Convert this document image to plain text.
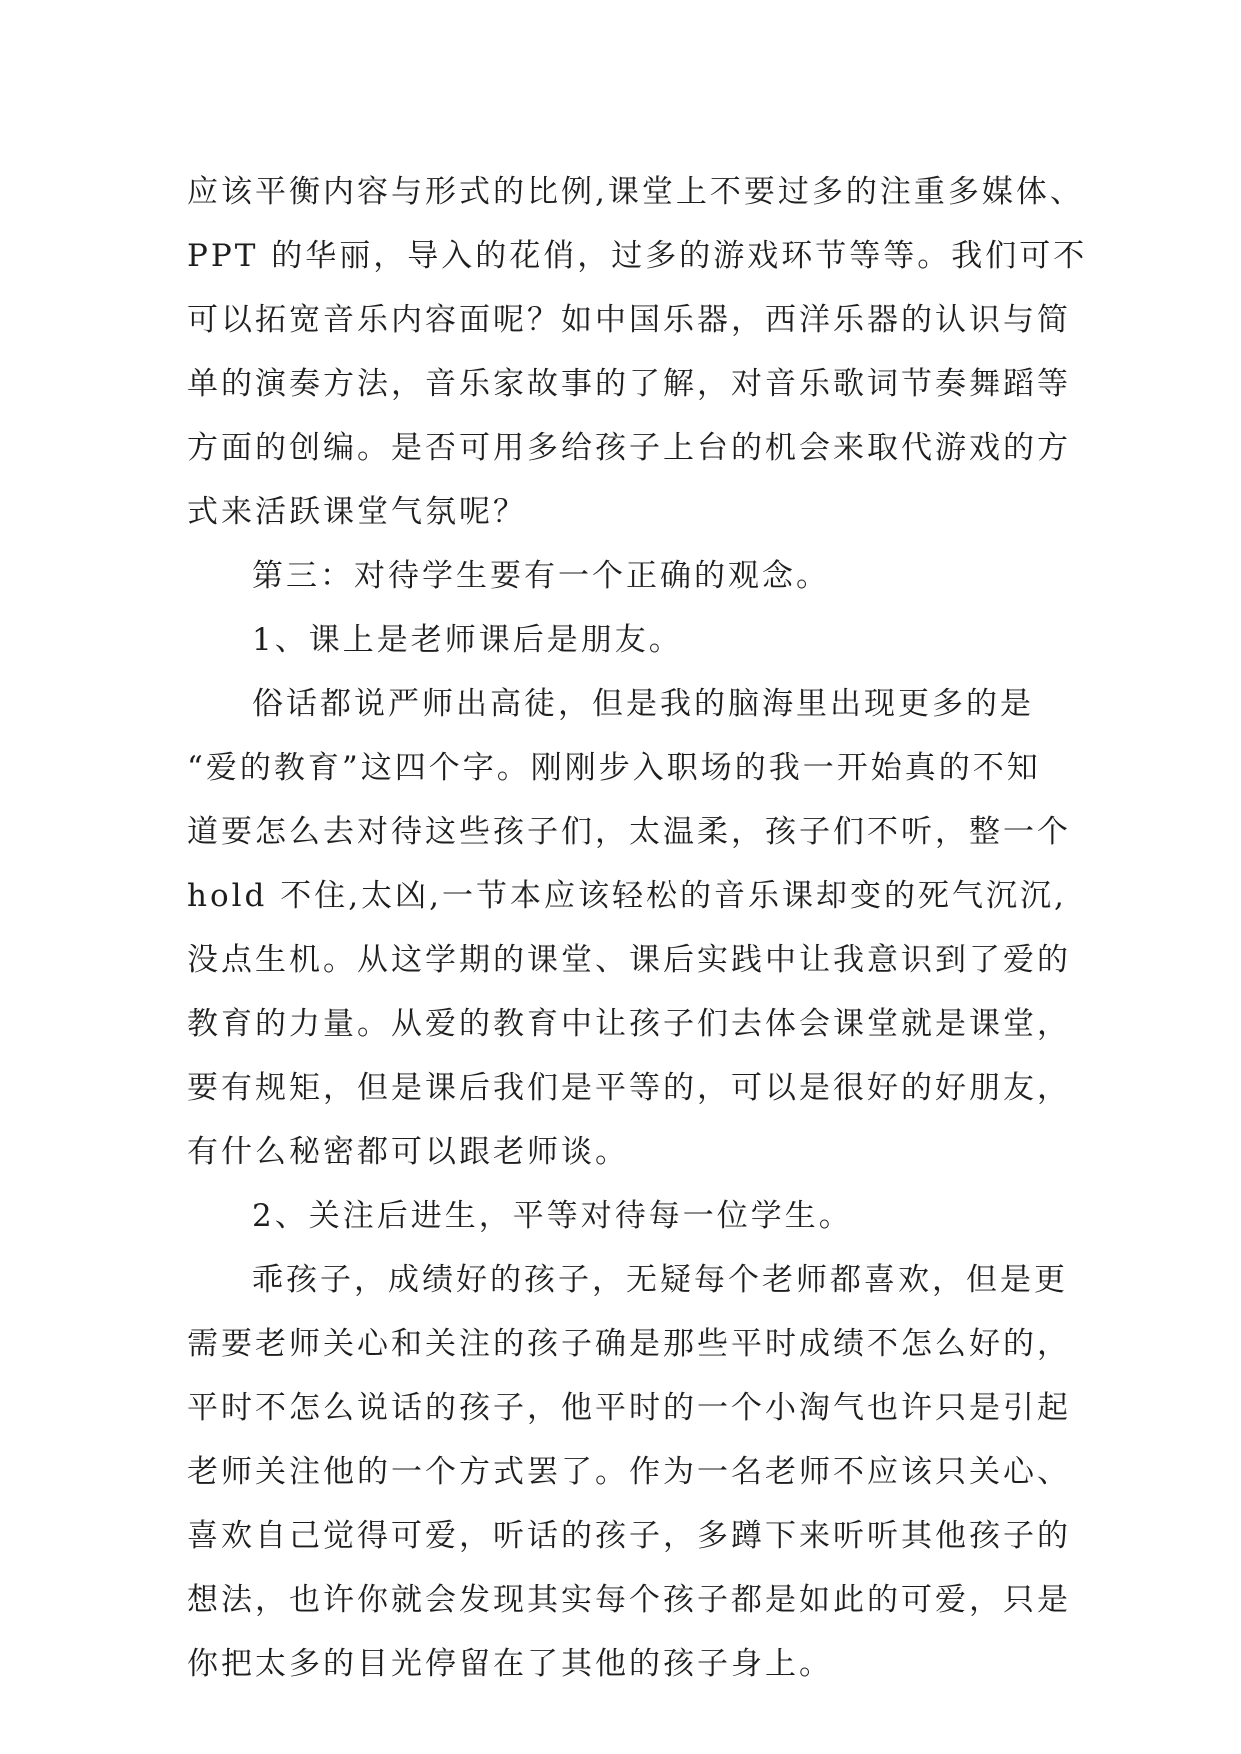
应该平衡内容与形式的比例,课堂上不要过多的注重多媒体、
PPT 的华丽，导入的花俏，过多的游戏环节等等。我们可不
可以拓宽音乐内容面呢？如中国乐器，西洋乐器的认识与简
单的演奏方法，音乐家故事的了解，对音乐歌词节奏舞蹈等
方面的创编。是否可用多给孩子上台的机会来取代游戏的方
式来活跃课堂气氛呢？
第三：对待学生要有一个正确的观念。
1、课上是老师课后是朋友。
俗话都说严师出高徒，但是我的脑海里出现更多的是
“爱的教育”这四个字。刚刚步入职场的我一开始真的不知
道要怎么去对待这些孩子们，太温柔，孩子们不听，整一个
hold 不住,太凶,一节本应该轻松的音乐课却变的死气沉沉,
没点生机。从这学期的课堂、课后实践中让我意识到了爱的
教育的力量。从爱的教育中让孩子们去体会课堂就是课堂，
要有规矩，但是课后我们是平等的，可以是很好的好朋友，
有什么秘密都可以跟老师谈。
2、关注后进生，平等对待每一位学生。
乖孩子，成绩好的孩子，无疑每个老师都喜欢，但是更
需要老师关心和关注的孩子确是那些平时成绩不怎么好的，
平时不怎么说话的孩子，他平时的一个小淘气也许只是引起
老师关注他的一个方式罢了。作为一名老师不应该只关心、
喜欢自己觉得可爱，听话的孩子，多蹲下来听听其他孩子的
想法，也许你就会发现其实每个孩子都是如此的可爱，只是
你把太多的目光停留在了其他的孩子身上。
